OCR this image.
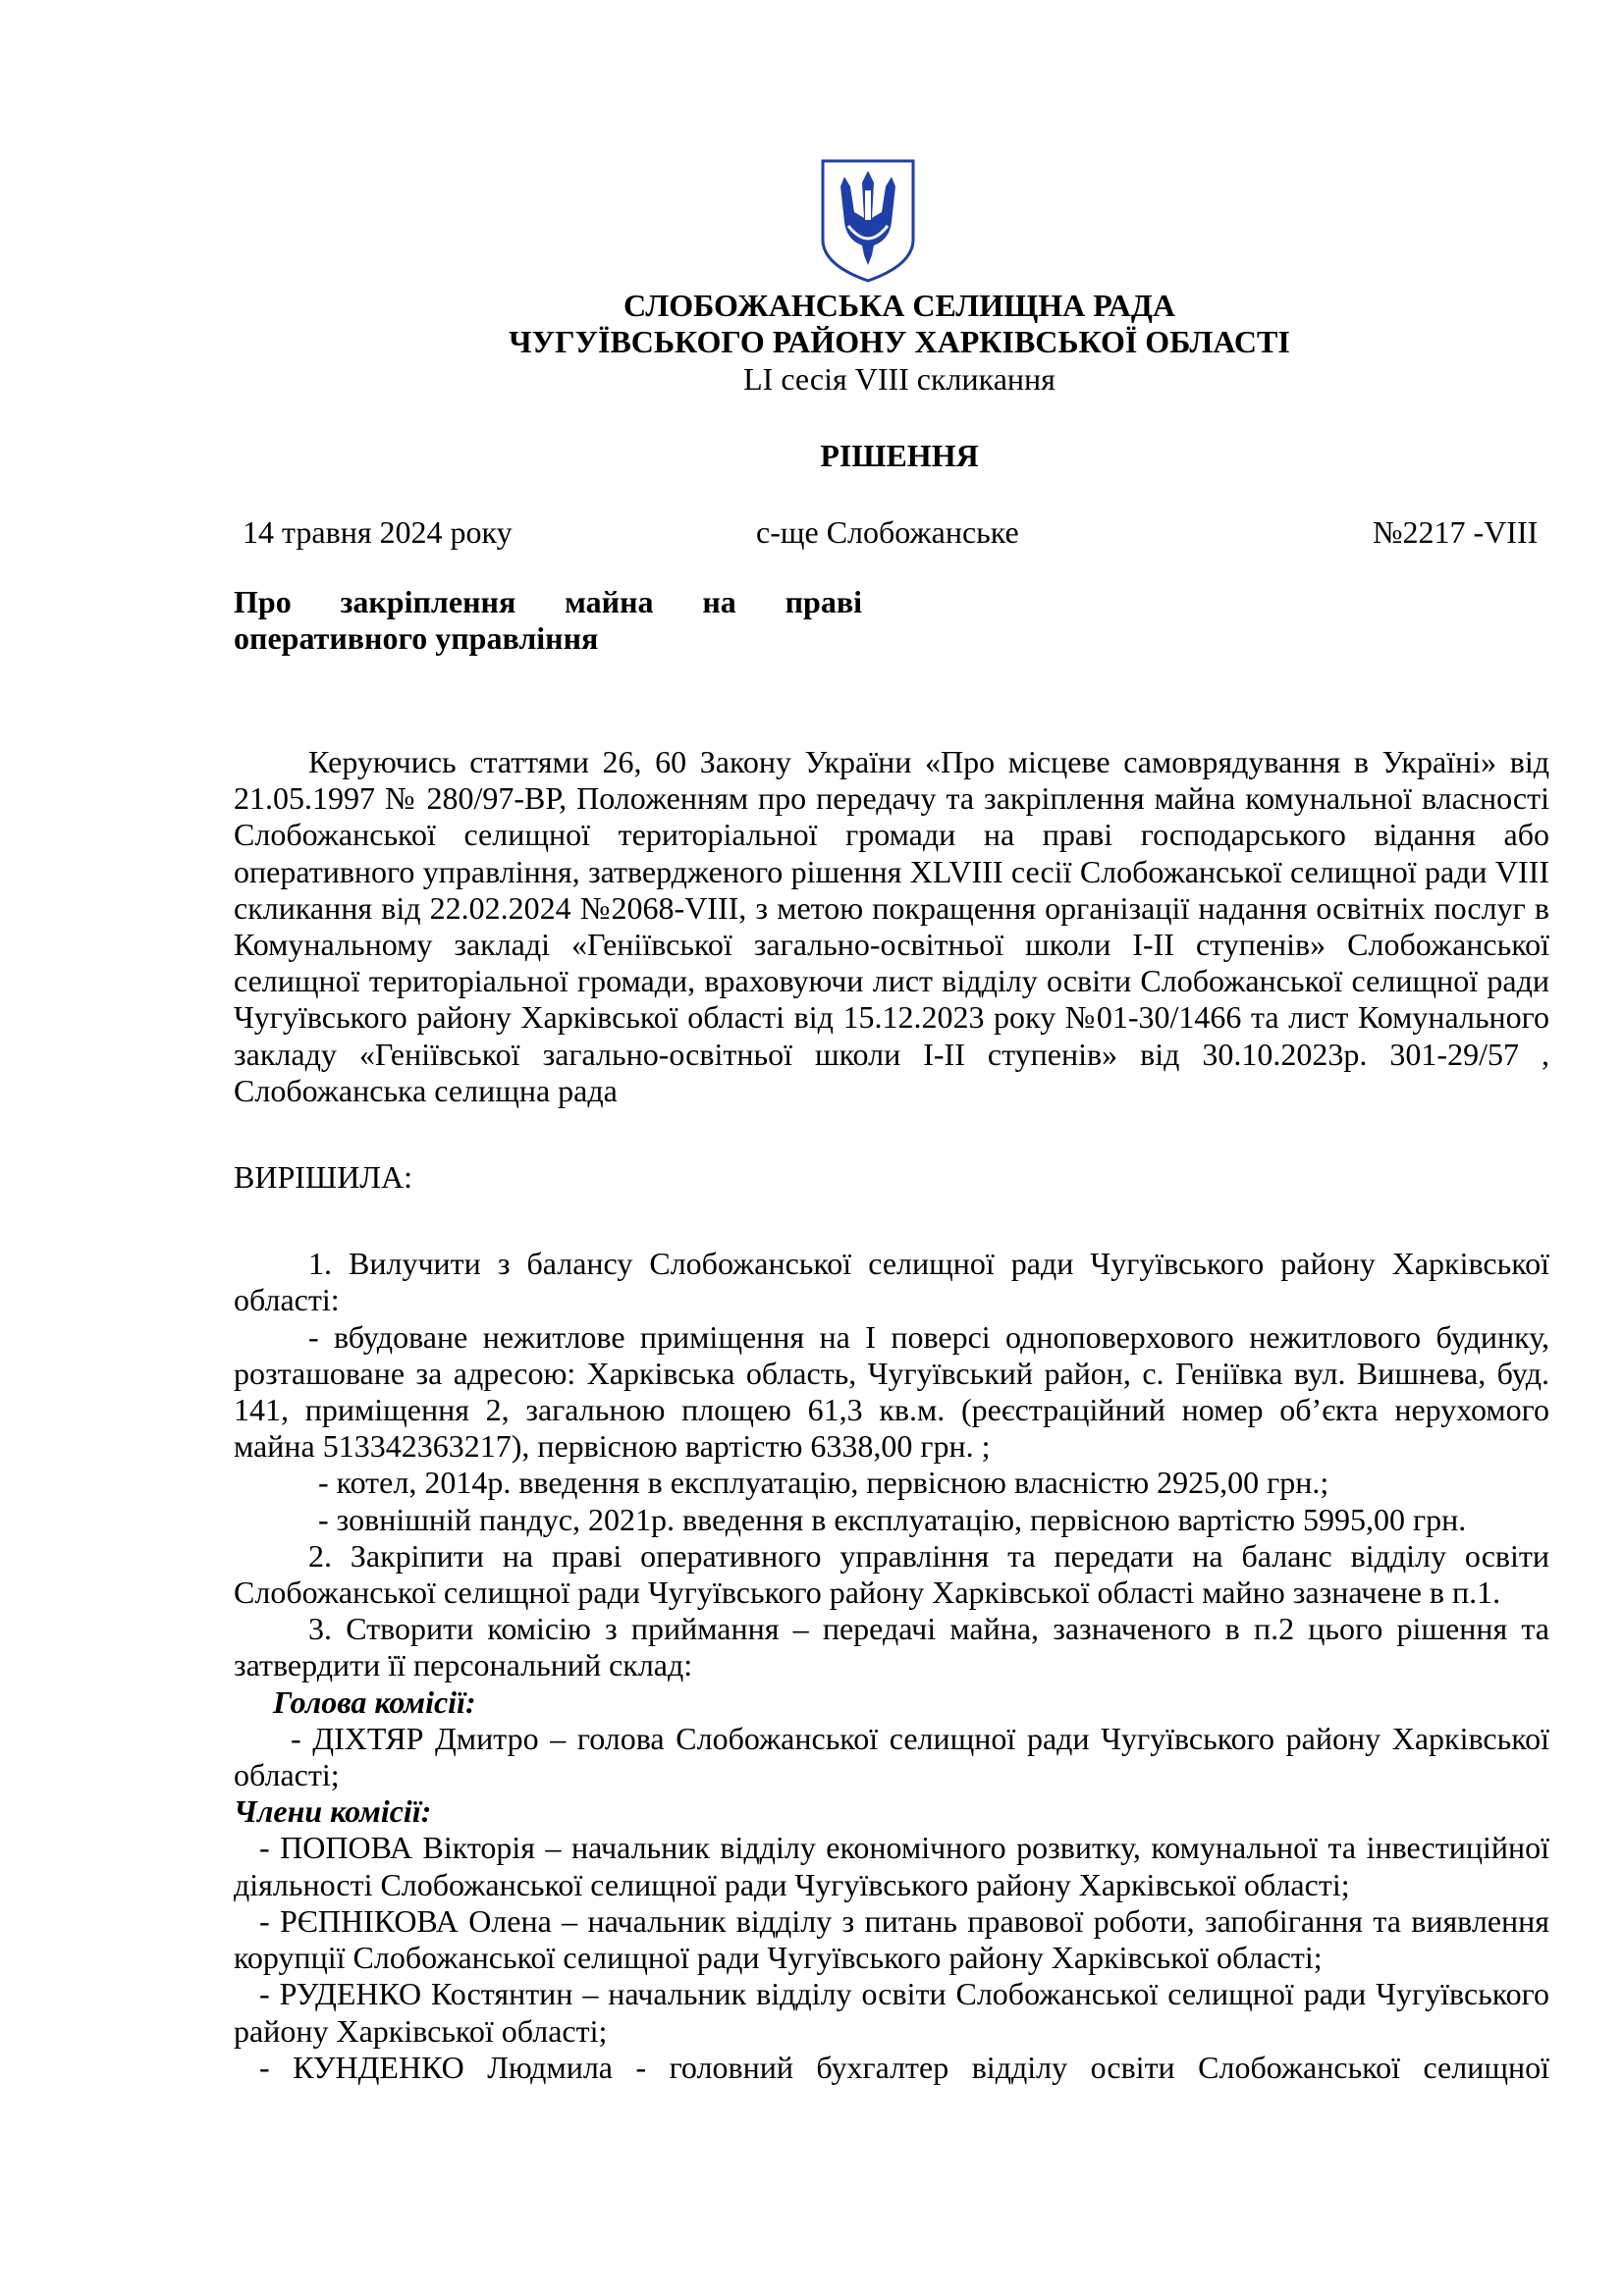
СЛОБОЖАНСЬКА СЕЛИЩНА РАДА
ЧУГУЇВСЬКОГО РАЙОНУ ХАРКІВСЬКОЇ ОБЛАСТІ
LI сесія VIII скликання
РІШЕННЯ
14 травня 2024 року	с-ще Слобожанське	№2217 -VIII
Про закріплення майна на праві
оперативного управління

Керуючись статтями 26, 60 Закону України «Про місцеве самоврядування в Україні» від 21.05.1997 № 280/97-ВР, Положенням про передачу та закріплення майна комунальної власності Слобожанської селищної територіальної громади на праві господарського відання або оперативного управління, затвердженого рішення XLVIII сесії Слобожанської селищної ради VIII скликання від 22.02.2024 №2068-VIII, з метою покращення організації надання освітніх послуг в Комунальному закладі «Геніївської загально-освітньої школи І-ІІ ступенів» Слобожанської селищної територіальної громади, враховуючи лист відділу освіти Слобожанської селищної ради Чугуївського району Харківської області від 15.12.2023 року №01-30/1466 та лист Комунального закладу «Геніївської загально-освітньої школи І-ІІ ступенів» від 30.10.2023р. 301-29/57 , Слобожанська селищна рада

ВИРІШИЛА:

1. Вилучити з балансу Слобожанської селищної ради Чугуївського району Харківської області:

- вбудоване нежитлове приміщення на І поверсі одноповерхового нежитлового будинку, розташоване за адресою: Харківська область, Чугуївський район, с. Геніївка вул. Вишнева, буд. 141, приміщення 2, загальною площею 61,3 кв.м. (реєстраційний номер об’єкта нерухомого майна 513342363217), первісною вартістю 6338,00 грн. ;

- котел, 2014р. введення в експлуатацію, первісною власністю 2925,00 грн.;

- зовнішній пандус, 2021р. введення в експлуатацію, первісною вартістю 5995,00 грн.

2. Закріпити на праві оперативного управління та передати на баланс відділу освіти Слобожанської селищної ради Чугуївського району Харківської області майно зазначене в п.1.

3. Створити комісію з приймання – передачі майна, зазначеного в п.2 цього рішення та затвердити її персональний склад:

Голова комісії:

- ДІХТЯР Дмитро – голова Слобожанської селищної ради Чугуївського району Харківської області;

Члени комісії:

- ПОПОВА Вікторія – начальник відділу економічного розвитку, комунальної та інвестиційної діяльності Слобожанської селищної ради Чугуївського району Харківської області;

- РЄПНІКОВА Олена – начальник відділу з питань правової роботи, запобігання та виявлення корупції Слобожанської селищної ради Чугуївського району Харківської області;

- РУДЕНКО Костянтин – начальник відділу освіти Слобожанської селищної ради Чугуївського району Харківської області;

- КУНДЕНКО Людмила - головний бухгалтер відділу освіти Слобожанської селищної
